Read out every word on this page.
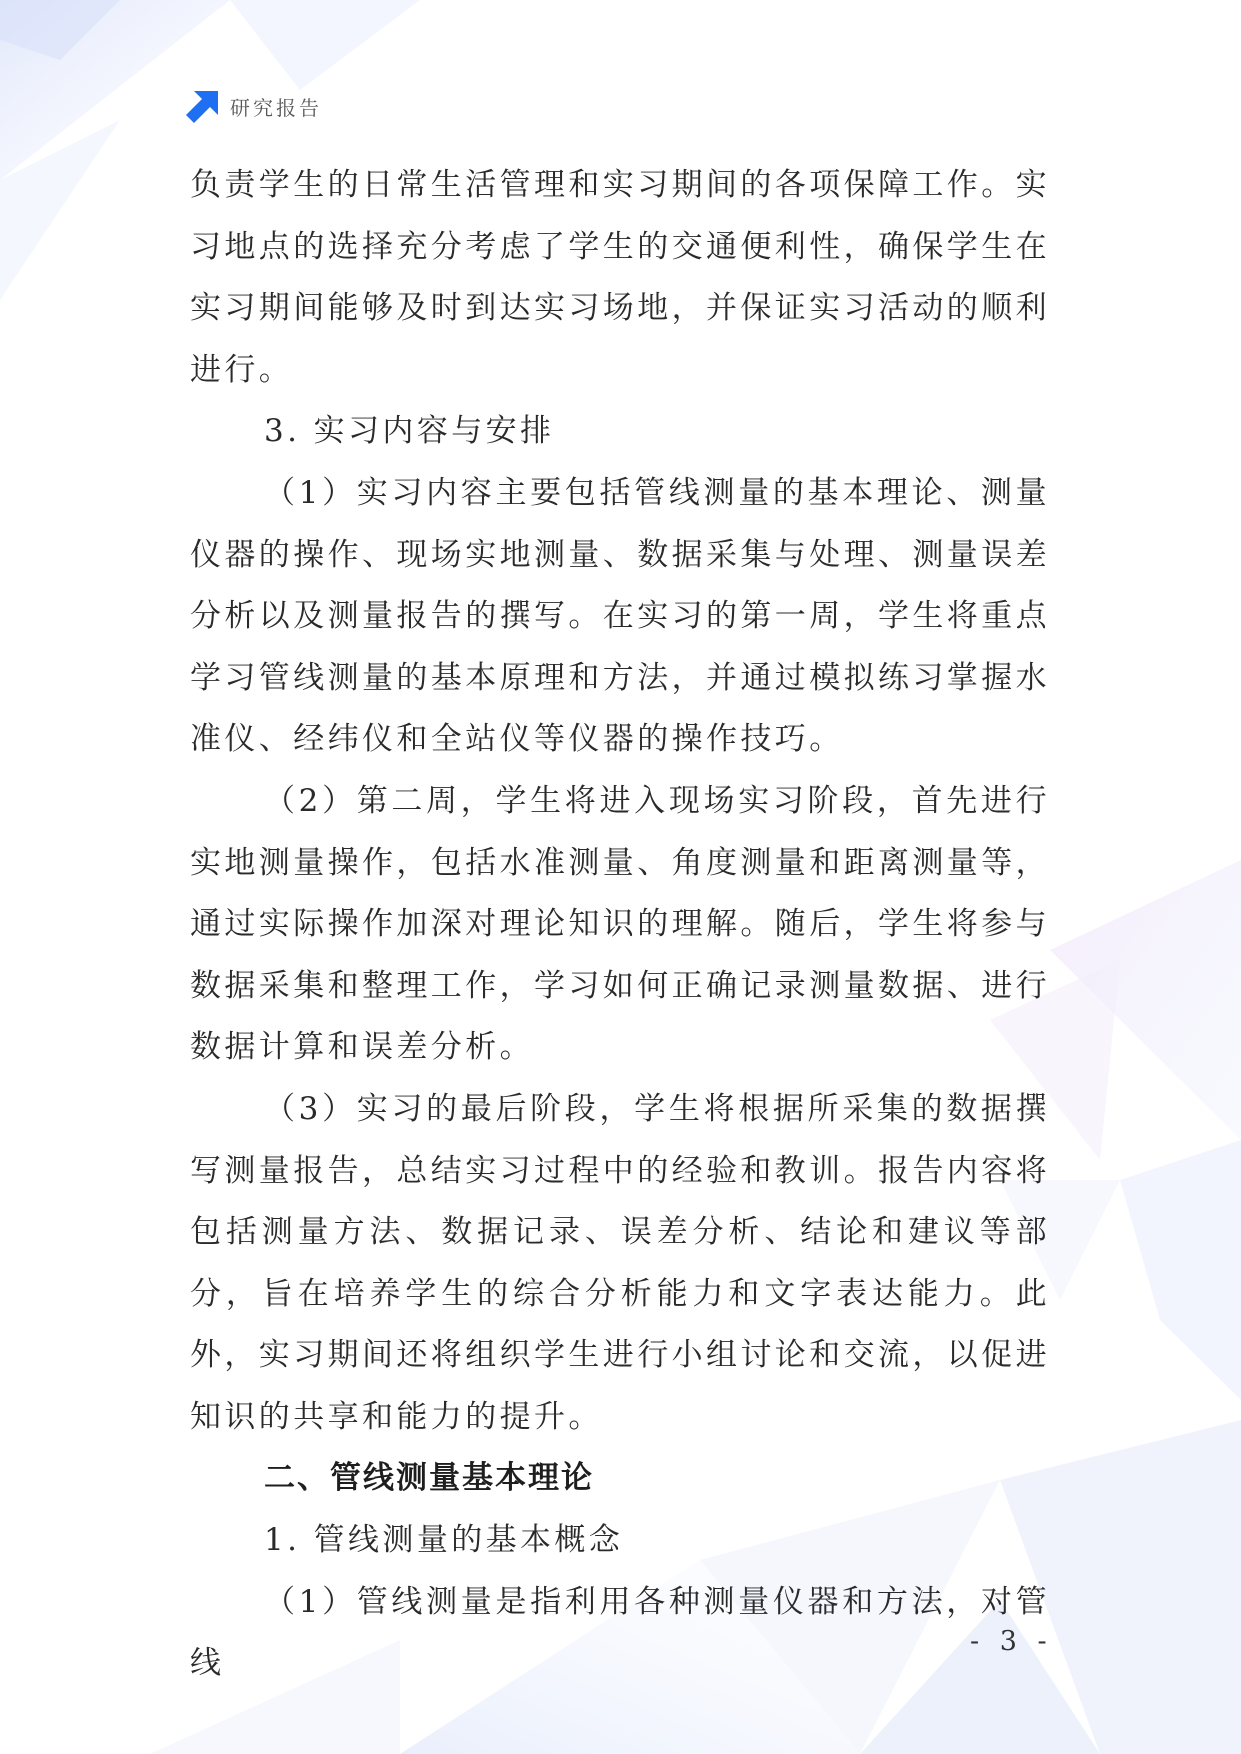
研究报告

负责学生的日常生活管理和实习期间的各项保障工作。实习地点的选择充分考虑了学生的交通便利性，确保学生在实习期间能够及时到达实习场地，并保证实习活动的顺利进行。

3. 实习内容与安排

（1）实习内容主要包括管线测量的基本理论、测量仪器的操作、现场实地测量、数据采集与处理、测量误差分析以及测量报告的撰写。在实习的第一周，学生将重点学习管线测量的基本原理和方法，并通过模拟练习掌握水准仪、经纬仪和全站仪等仪器的操作技巧。

（2）第二周，学生将进入现场实习阶段，首先进行实地测量操作，包括水准测量、角度测量和距离测量等，通过实际操作加深对理论知识的理解。随后，学生将参与数据采集和整理工作，学习如何正确记录测量数据、进行数据计算和误差分析。

（3）实习的最后阶段，学生将根据所采集的数据撰写测量报告，总结实习过程中的经验和教训。报告内容将包括测量方法、数据记录、误差分析、结论和建议等部分，旨在培养学生的综合分析能力和文字表达能力。此外，实习期间还将组织学生进行小组讨论和交流，以促进知识的共享和能力的提升。

二、管线测量基本理论

1. 管线测量的基本概念

（1）管线测量是指利用各种测量仪器和方法，对管线

- 3 -
